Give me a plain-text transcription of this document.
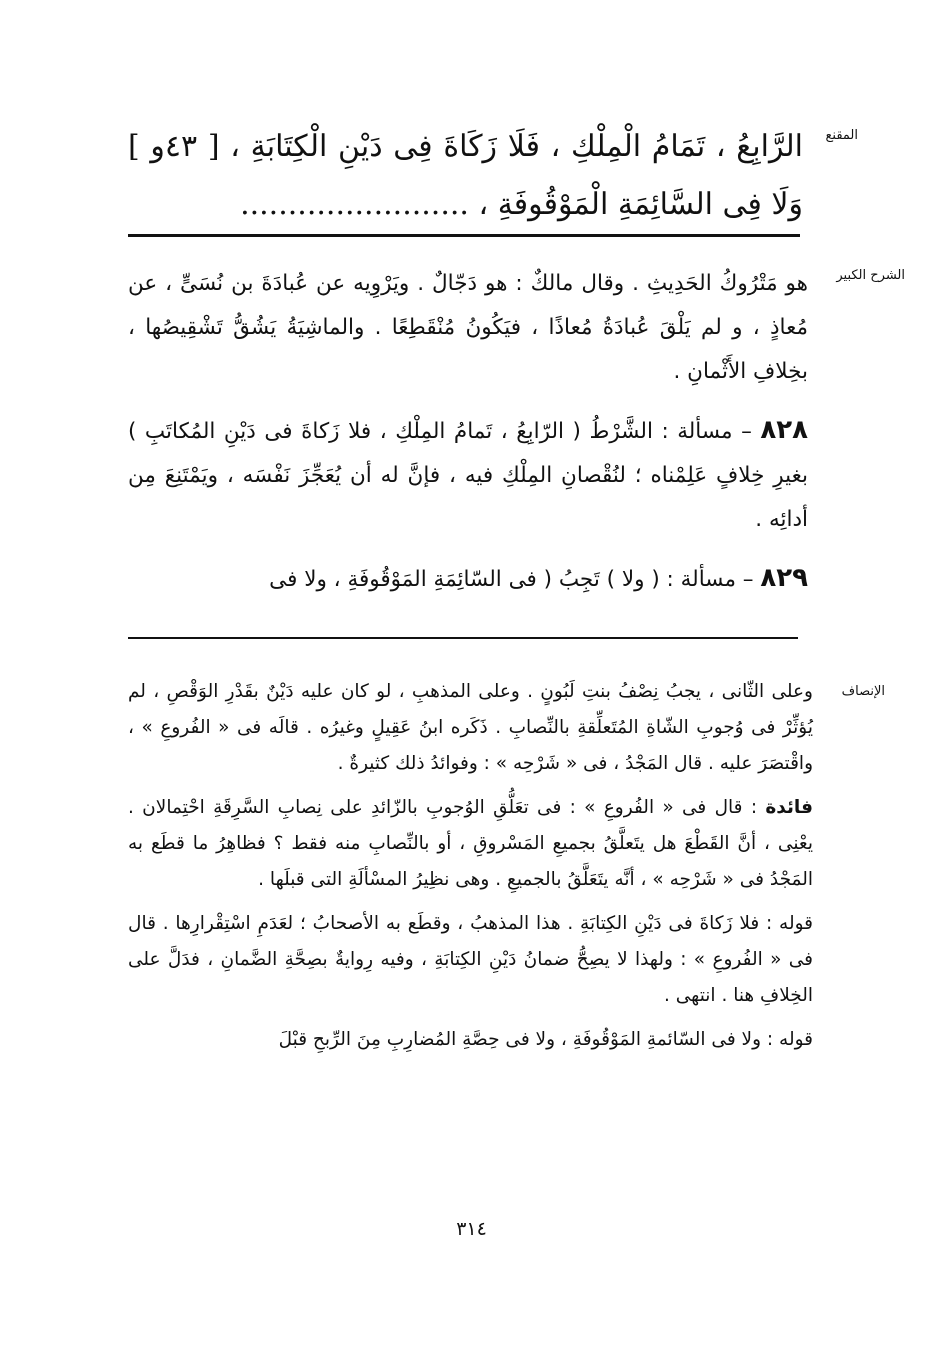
المقنع

الرَّابِعُ ، تَمَامُ الْمِلْكِ ، فَلَا زَكَاةَ فِى دَيْنِ الْكِتَابَةِ ، [ ٤٣و ] وَلَا فِى السَّائِمَةِ الْمَوْقُوفَةِ ، ........................

الشرح الكبير

هو مَتْرُوكُ الحَدِيثِ . وقال مالكٌ : هو دَجّالٌ . ويَرْوِيه عن عُبادَةَ بن نُسَىٍّ ، عن مُعاذٍ ، و لم يَلْقَ عُبادَةُ مُعاذًا ، فيَكُونُ مُنْقَطِعًا . والماشِيَةُ يَشُقُّ تَشْقِيصُها ، بخِلافِ الأَثْمانِ .

٨٢٨ – مسألة : الشَّرْطُ ( الرّابِعُ ، تَمامُ المِلْكِ ، فلا زَكاةَ فى دَيْنِ المُكاتَبِ ) بغيرِ خِلافٍ عَلِمْناه ؛ لنُقْصانِ المِلْكِ فيه ، فإنَّ له أن يُعَجِّزَ نَفْسَه ، ويَمْتَنِعَ مِن أدائِه .

٨٢٩ – مسألة : ( ولا ) تَجِبُ ( فى السّائِمَةِ المَوْقُوفَةِ ، ولا فى

الإنصاف

وعلى الثّانى ، يجبُ نِصْفُ بنتِ لَبُونٍ . وعلى المذهبِ ، لو كان عليه دَيْنٌ بقَدْرِ الوَقْصِ ، لم يُؤثِّرْ فى وُجوبِ الشّاةِ المُتَعلِّقةِ بالنِّصابِ . ذَكَره ابنُ عَقِيلٍ وغيرُه . قالَه فى « الفُروعِ » ، واقْتصَرَ عليه . قال المَجْدُ ، فى « شَرْحِه » : وفوائدُ ذلك كثيرةٌ .

فائدة : قال فى « الفُروعِ » : فى تعَلُّقِ الوُجوبِ بالزّائدِ على نِصابِ السَّرِقَةِ احْتِمالان . يعْنِى ، أنَّ القَطْعَ هل يتَعلَّقُ بجميعِ المَسْروقِ ، أو بالنِّصابِ منه فقط ؟ فظاهِرُ ما قطَع به المَجْدُ فى « شَرْحِه » ، أنَّه يتَعَلَّقُ بالجميعِ . وهى نظِيرُ المسْألَةِ التى قبلَها .

قوله : فلا زَكاةَ فى دَيْنِ الكِتابَةِ . هذا المذهبُ ، وقطَع به الأصحابُ ؛ لعَدَمِ اسْتِقْرارِها . قال فى « الفُروعِ » : ولهذا لا يصِحُّ ضمانُ دَيْنِ الكِتابَةِ ، وفيه رِوايةٌ بصِحَّةِ الضَّمانِ ، فدَلَّ على الخِلافِ هنا . انتهى .

قوله : ولا فى السّائمةِ المَوْقُوفَةِ ، ولا فى حِصَّةِ المُضارِبِ مِنَ الرِّبحِ قبْلَ

٣١٤
